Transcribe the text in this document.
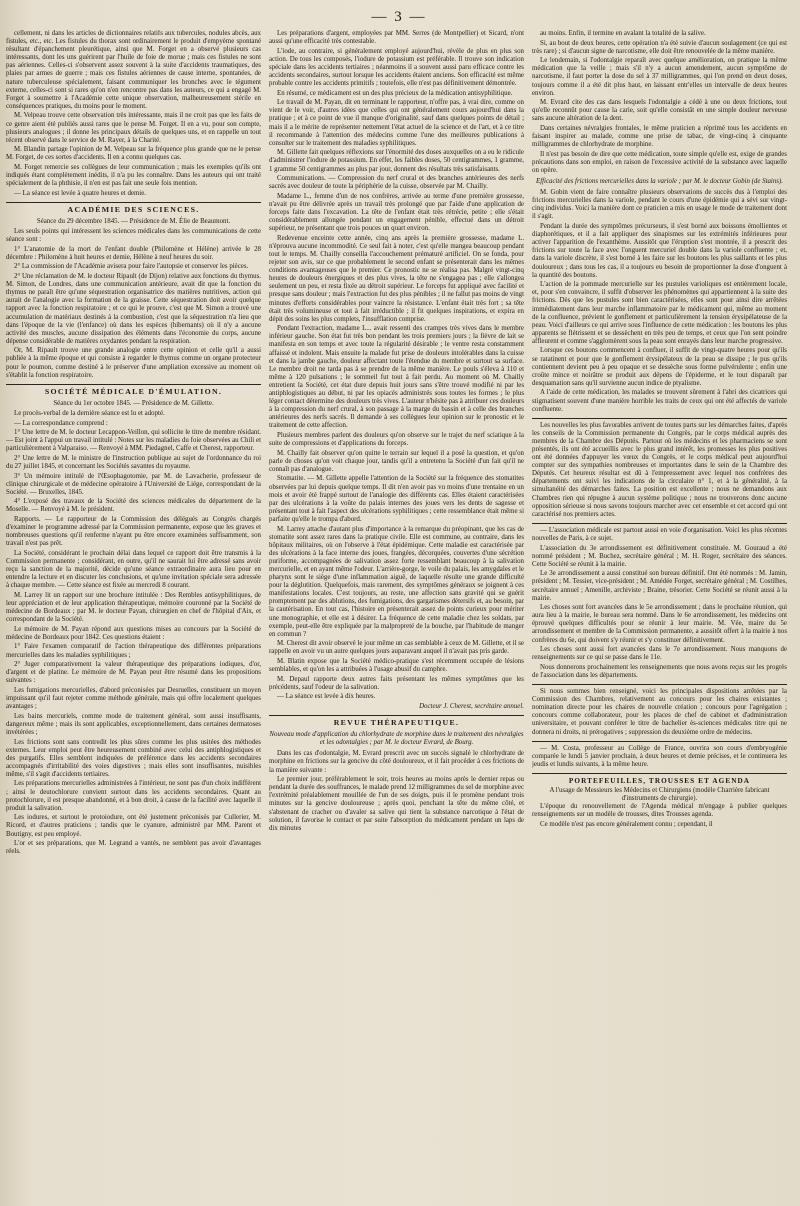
— 3 —

cellement, ni dans les articles de dictionnaires relatifs aux tubercules, nodules abcès, aux fistules, etc., etc. Les fistules du thorax sont ordinairement le produit d'empyème spontané résultant d'épanchement pleurétique, ainsi que M. Forget en a observé plusieurs cas intéressants, dont les uns guérirent par l'huile de foie de morue ; mais ces fistules ne sont pas aériennes. Celles-ci s'observent assez souvent à la suite d'accidents traumatiques, des plaies par armes de guerre ; mais ces fistules aériennes de cause interne, spontanées, de nature tuberculeuse spécialement, faisant communiquer les bronches avec le tégument externe, celles-ci sont si rares qu'on n'en rencontre pas dans les auteurs, ce qui a engagé M. Forget à soumettre à l'Académie cette unique observation, malheureusement stérile en conséquences pratiques, du moins pour le moment.

M. Velpeau trouve cette observation très intéressante, mais il ne croit pas que les faits de ce genre aient été publiés aussi rares que le pense M. Forget. Il en a vu, pour son compte, plusieurs analogues ; il donne les principaux détails de quelques uns, et en rappelle un tout récent observé dans le service de M. Rayer, à la Charité.

M. Blandin partage l'opinion de M. Velpeau sur la fréquence plus grande que ne le pense M. Forget, de ces sortes d'accidents. Il en a connu quelques cas.

M. Forget remercie ses collègues de leur communication ; mais les exemples qu'ils ont indiqués étant complètement inédits, il n'a pu les connaître. Dans les auteurs qui ont traité spécialement de la phthisie, il n'en est pas fait une seule fois mention.

— La séance est levée à quatre heures et demie.

ACADÉMIE DES SCIENCES.
Séance du 29 décembre 1845. — Présidence de M. Élie de Beaumont.

Les seuls points qui intéressent les sciences médicales dans les communications de cette séance sont :

1° L'anatomie de la mort de l'enfant double (Philomène et Hélène) arrivée le 28 décembre : Philomène à huit heures et demie, Hélène à neuf heures du soir.

2° La commission de l'Académie avisera pour faire l'autopsie et conserver les pièces.

2° Une réclamation de M. le docteur Ripault (de Dijon) relative aux fonctions du thymus. M. Simon, de Londres, dans une communication antérieure, avait dit que la fonction du thymus ne paraît être qu'une séquestration organisatrice des matières nutritives, action qui aurait de l'analogie avec la formation de la graisse. Cette séquestration doit avoir quelque rapport avec la fonction respiratoire ; et ce qui le prouve, c'est que M. Simon a trouvé une accumulation de matériaux destinés à la combustion, c'est que la séquestration n'a lieu que dans l'époque de la vie (l'enfance) où dans les espèces (hibernants) où il n'y a aucune activité des muscles, aucune dissipation des éléments dans l'économie du corps, aucune dépense considérable de matières oxydantes pendant la respiration.

Or, M. Ripault trouve une grande analogie entre cette opinion et celle qu'il a aussi publiée à la même époque et qui consiste à regarder le thymus comme un organe protecteur pour le poumon, comme destiné à le préserver d'une ampliation excessive au moment où s'établit la fonction respiratoire.

SOCIÉTÉ MÉDICALE D'ÉMULATION.
Séance du 1er octobre 1845. — Présidence de M. Gillette.

Le procès-verbal de la dernière séance est lu et adopté.

— La correspondance comprend :

1° Une lettre de M. le docteur Lecappon-Veillon, qui sollicite le titre de membre résidant. — Est joint à l'appui un travail intitulé : Notes sur les maladies du foie observées au Chili et particulièrement à Valparaiso. — Renvoyé à MM. Piedagnel, Caffe et Cherest, rapporteur.

2° Une lettre de M. le ministre de l'instruction publique au sujet de l'ordonnance du roi du 27 juillet 1845, et concernant les Sociétés savantes du royaume.

3° Un mémoire intitulé de l'Œsophagotomie, par M. de Lavacherie, professeur de clinique chirurgicale et de médecine opératoire à l'Université de Liége, correspondant de la Société. — Bruxelles, 1845.

4° L'exposé des travaux de la Société des sciences médicales du département de la Moselle. — Renvoyé à M. le président.

Rapports. — Le rapporteur de la Commission des délégués au Congrès chargés d'examiner le programme adressé par la Commission permanente, expose que les graves et nombreuses questions qu'il renferme n'ayant pu être encore examinées suffisamment, son travail n'est pas prêt.

La Société, considérant le prochain délai dans lequel ce rapport doit être transmis à la Commission permanente ; considérant, en outre, qu'il ne saurait lui être adressé sans avoir reçu la sanction de la majorité, décide qu'une séance extraordinaire aura lieu pour en entendre la lecture et en discuter les conclusions, et qu'une invitation spéciale sera adressée à chaque membre. — Cette séance est fixée au mercredi 8 courant.

M. Larrey lit un rapport sur une brochure intitulée : Des Rembles antisyphilitiques, de leur appréciation et de leur application thérapeutique, mémoire couronné par la Société de médecine de Bordeaux ; par M. le docteur Payan, chirurgien en chef de l'hôpital d'Aix, et correspondant de la Société.

Le mémoire de M. Payan répond aux questions mises au concours par la Société de médecine de Bordeaux pour 1842. Ces questions étaient :

1° Faire l'examen comparatif de l'action thérapeutique des différentes préparations mercurielles dans les maladies syphilitiques ;

2° Juger comparativement la valeur thérapeutique des préparations iodiques, d'or, d'argent et de platine. Le mémoire de M. Payan peut être résumé dans les propositions suivantes :

Les fumigations mercurielles, d'abord préconisées par Desruelles, constituent un moyen impuissant qu'il faut rejeter comme méthode générale, mais qui offre localement quelques avantages ;

Les bains mercuriels, comme mode de traitement général, sont aussi insuffisants, dangereux même ; mais ils sont applicables, exceptionnellement, dans certaines dermatoses invétérées ;

Les frictions sont sans contredit les plus sûres comme les plus usitées des méthodes externes. Leur emploi peut être heureusement combiné avec celui des antiphlogistiques et des purgatifs. Elles semblent indiquées de préférence dans les accidents secondaires accompagnés d'irritabilité des voies digestives ; mais elles sont insuffisantes, nuisibles même, s'il s'agit d'accidents tertiaires.

Les préparations mercurielles administrées à l'intérieur, ne sont pas d'un choix indifférent ; ainsi le deutochlorure convient surtout dans les accidents secondaires. Quant au protochlorure, il est presque abandonné, et à bon droit, à cause de la facilité avec laquelle il produit la salivation.

Les iodures, et surtout le protoiodure, ont été justement préconisés par Cullerier, M. Ricord, et d'autres praticiens ; tandis que le cyanure, administré par MM. Parent et Boutigny, est peu employé.

L'or et ses préparations, que M. Legrand a vantés, ne semblent pas avoir d'avantages réels.

Les préparations d'argent, employées par MM. Serres (de Montpellier) et Sicard, n'ont aussi qu'une efficacité très contestable.

L'iode, au contraire, si généralement employé aujourd'hui, révèle de plus en plus son action. De tous les composés, l'iodure de potassium est préférable. Il trouve son indication spéciale dans les accidents tertiaires ; néanmoins il a souvent aussi paru efficace contre les accidents secondaires, surtout lorsque les accidents étaient anciens. Son efficacité est même probable contre les accidents primitifs ; toutefois, elle n'est pas définitivement démontrée.

En résumé, ce médicament est un des plus précieux de la médication antisyphilitique.

Le travail de M. Payan, dit en terminant le rapporteur, n'offre pas, à vrai dire, comme on vient de le voir, d'autres idées que celles qui ont généralement cours aujourd'hui dans la pratique ; et à ce point de vue il manque d'originalité, sauf dans quelques points de détail ; mais il a le mérite de représenter nettement l'état actuel de la science et de l'art, et à ce titre il recommande à l'attention des médecins comme l'une des meilleures publications à consulter sur le traitement des maladies syphilitiques.

M. Gillette fait quelques réflexions sur l'énormité des doses auxquelles on a eu le ridicule d'administrer l'iodure de potassium. En effet, les faibles doses, 50 centigrammes, 1 gramme, 1 gramme 50 centigrammes au plus par jour, donnent des résultats très satisfaisants.

Communications. — Compression du nerf crural et des branches antérieures des nerfs sacrés avec douleur de toute la périphérie de la cuisse, observée par M. Chailly.

Madame L., femme d'un de nos confrères, arrivée au terme d'une première grossesse, n'avait pu être délivrée après un travail très prolongé que par l'aide d'une application de forceps faite dans l'excavation. La tête de l'enfant était très rétrécie, petite ; elle s'était considérablement allongée pendant un engagement pénible, effectué dans un détroit supérieur, ne présentant que trois pouces un quart environ.

Redevenue enceinte cette année, cinq ans après la première grossesse, madame L. n'éprouva aucune incommodité. Ce seul fait à noter, c'est qu'elle mangea beaucoup pendant tout le temps. M. Chailly conseilla l'accouchement prématuré artificiel. On se fonda, pour rejeter son avis, sur ce que probablement le second enfant se présenterait dans les mêmes conditions avantageuses que le premier. Ce pronostic ne se réalisa pas. Malgré vingt-cinq heures de douleurs énergiques et des plus vives, la tête ne s'engagea pas ; elle s'allongea seulement un peu, et resta fixée au détroit supérieur. Le forceps fut appliqué avec facilité et presque sans douleur ; mais l'extraction fut des plus pénibles ; il ne fallut pas moins de vingt minutes d'efforts considérables pour vaincre la résistance. L'enfant était très fort ; sa tête était très volumineuse et tout à fait irréductible ; il fit quelques inspirations, et expira en dépit des soins les plus complets, l'insufflation comprise.

Pendant l'extraction, madame L... avait ressenti des crampes très vives dans le membre inférieur gauche. Son état fut très bon pendant les trois premiers jours ; la fièvre de lait se manifesta en son temps et avec toute la régularité désirable ; le ventre resta constamment affaissé et indolent. Mais ensuite la malade fut prise de douleurs intolérables dans la cuisse et dans la jambe gauche, douleur affectant toute l'étendue du membre et surtout sa surface. Le membre droit ne tarda pas à se prendre de la même manière. Le pouls s'éleva à 110 et même à 120 pulsations ; le sommeil fut tout à fait perdu. Au moment où M. Chailly entretient la Société, cet état dure depuis huit jours sans s'être trouvé modifié ni par les antiphlogistiques au début, ni par les opiacés administrés sous toutes les formes ; le plus léger contact détermine des douleurs très vives. L'auteur n'hésite pas à attribuer ces douleurs à la compression du nerf crural, à son passage à la marge du bassin et à celle des branches antérieures des nerfs sacrés. Il demande à ses collègues leur opinion sur le pronostic et le traitement de cette affection.

Plusieurs membres parlent des douleurs qu'on observe sur le trajet du nerf sciatique à la suite de compressions et d'applications du forceps.

M. Chailly fait observer qu'on quitte le terrain sur lequel il a posé la question, et qu'on parle de choses qu'on voit chaque jour, tandis qu'il a entretenu la Société d'un fait qu'il ne connaît pas d'analogue.

Stomatite. — M. Gillette appelle l'attention de la Société sur la fréquence des stomatites observées par lui depuis quelque temps. Il dit n'en avoir pas vu moins d'une trentaine en un mois et avoir été frappé surtout de l'analogie des différents cas. Elles étaient caractérisées par des ulcérations à la voûte du palais internes des joues vers les dents de sagesse et présentant tout à fait l'aspect des ulcérations syphilitiques ; cette ressemblance était même si parfaite qu'elle le trompa d'abord.

M. Larrey attache d'autant plus d'importance à la remarque du préopinant, que les cas de stomatite sont assez rares dans la pratique civile. Elle est commune, au contraire, dans les hôpitaux militaires, où on l'observe à l'état épidémique. Cette maladie est caractérisée par des ulcérations à la face interne des joues, frangées, décorquées, couvertes d'une sécrétion puriforme, accompagnées de salivation assez forte ressemblant beaucoup à la salivation mercurielle, et en ayant même l'odeur. L'arrière-gorge, le voile du palais, les amygdales et le pharynx sont le siège d'une inflammation aiguë, de laquelle résulte une grande difficulté pour la déglutition. Quelquefois, mais rarement, des symptômes généraux se joignent à ces manifestations locales. C'est toujours, au reste, une affection sans gravité qui se guérit promptement par des ablutions, des fumigations, des gargarismes détersifs et, au besoin, par la cautérisation. En tout cas, l'histoire en présenterait assez de points curieux pour mériter une monographie, et elle est à désirer. La fréquence de cette maladie chez les soldats, par exemple, peut-elle être expliquée par la malpropreté de la bouche, par l'habitude de manger en commun ?

M. Cherest dit avoir observé le jour même un cas semblable à ceux de M. Gillette, et il se rappelle en avoir vu un autre quelques jours auparavant auquel il n'avait pas pris garde.

M. Blatin expose que la Société médico-pratique s'est récemment occupée de lésions semblables, et qu'on les a attribuées à l'usage abusif du camphre.

M. Depaul rapporte deux autres faits présentant les mêmes symptômes que les précédents, sauf l'odeur de la salivation.

— La séance est levée à dix heures.

Docteur J. Cherest, secrétaire annuel.
REVUE THÉRAPEUTIQUE.
Nouveau mode d'application du chlorhydrate de morphine dans le traitement des névralgies et les odontalgies ; par M. le docteur Evrard, de Bourg.

Dans les cas d'odontalgie, M. Evrard prescrit avec un succès signalé le chlorhydrate de morphine en frictions sur la gencive du côté douloureux, et il fait procéder à ces frictions de la manière suivante :

Le premier jour, préférablement le soir, trois heures au moins après le dernier repas ou pendant la durée des souffrances, le malade prend 12 milligrammes du sel de morphine avec l'extrémité préalablement mouillée de l'un de ses doigts, puis il le promène pendant trois minutes sur la gencive douloureuse ; après quoi, penchant la tête du même côté, et s'abstenant de cracher ou d'avaler sa salive qui tient la substance narcotique à l'état de solution, il favorise le contact et par suite l'absorption du médicament pendant un laps de dix minutes

au moins. Enfin, il termine en avalant la totalité de la salive.

Si, au bout de deux heures, cette opération n'a été suivie d'aucun soulagement (ce qui est très rare) ; si d'aucun signe de narcotisme, elle doit être renouvelée de la même manière.

Le lendemain, si l'odontalgie reparaît avec quelque amélioration, on pratique la même médication que la veille ; mais s'il n'y a aucun amendement, aucun symptôme de narcotisme, il faut porter la dose du sel à 37 milligrammes, qui l'on prend en deux doses, toujours comme il a été dit plus haut, en laissant entr'elles un intervalle de deux heures environ.

M. Evrard cite des cas dans lesquels l'odontalgie a cédé à une ou deux frictions, tout qu'elle reconnût pour cause la carie, soit qu'elle consistât en une simple douleur nerveuse sans aucune altération de la dent.

Dans certaines névralgies frontales, le même praticien a réprimé tous les accidents en faisant inspirer au malade, comme une prise de tabac, de vingt-cinq à cinquante milligrammes de chlorhydrate de morphine.

Il n'est pas besoin de dire que cette médication, toute simple qu'elle est, exige de grandes précautions dans son emploi, en raison de l'excessive activité de la substance avec laquelle on opère.

Efficacité des frictions mercurielles dans la variole ; par M. le docteur Gobin (de Stains).

M. Gobin vient de faire connaître plusieurs observations de succès dus à l'emploi des frictions mercurielles dans la variole, pendant le cours d'une épidémie qui a sévi sur vingt-cinq individus. Voici la manière dont ce praticien a mis en usage le mode de traitement dont il s'agit.

Pendant la durée des symptômes précurseurs, il s'est borné aux boissons émollientes et diaphorétiques, et il a fait appliquer des sinapismes sur les extrémités inférieures pour activer l'apparition de l'exanthème. Aussitôt que l'éruption s'est montrée, il a prescrit des frictions sur toute la face avec l'onguent mercuriel double dans la variole confluente ; et, dans la variole discrète, il s'est borné à les faire sur les boutons les plus saillants et les plus douloureux ; dans tous les cas, il a toujours eu besoin de proportionner la dose d'onguent à la quantité des boutons.

L'action de la pommade mercurielle sur les pustules varioliques est entièrement locale, et, pour s'en convaincre, il suffit d'observer les phénomènes qui appartiennent à la suite des frictions. Dès que les pustules sont bien caractérisées, elles sont pour ainsi dire arrêtées immédiatement dans leur marche inflammatoire par le médicament qui, même au moment de la confluence, prévient le gonflement et particulièrement la tension érysipélateuse de la peau. Voici d'ailleurs ce qui arrive sous l'influence de cette médication : les boutons les plus apparents se flétrissent et se dessèchent en très peu de temps, et ceux que l'on sent poindre affleurent et comme s'agglomèrent sous la peau sont enrayés dans leur marche progressive.

Lorsque ces boutons commencent à confluer, il suffit de vingt-quatre heures pour qu'ils se ratatinent et pour que le gonflement érysipélateux de la peau se dissipe ; le pus qu'ils contiennent devient peu à peu opaque et se dessèche sous forme pulvérulente ; enfin une croûte mince et noirâtre se produit aux dépens de l'épiderme, et le tout disparaît par desquamation sans qu'il survienne aucun indice de ptyalisme.

A l'aide de cette médication, les malades se trouvent sûrement à l'abri des cicatrices qui stigmatisent souvent d'une manière horrible les traits de ceux qui ont été affectés de variole confluente.

Les nouvelles les plus favorables arrivent de toutes parts sur les démarches faites, d'après les conseils de la Commission permanente du Congrès, par le corps médical auprès des membres de la Chambre des Députés. Partout où les médecins et les pharmaciens se sont présentés, ils ont été accueillis avec le plus grand intérêt, les promesses les plus positives ont été données d'appuyer les vœux du Congrès, et le corps médical peut aujourd'hui compter sur des sympathies nombreuses et importantes dans le sein de la Chambre des Députés. Cet heureux résultat est dû à l'empressement avec lequel nos confrères des départements ont suivi les indications de la circulaire n° 1, et à la généralité, à la simultanéité des démarches faites. La position est excellente ; nous ne demandons aux Chambres rien qui répugne à aucun système politique ; nous ne trouverons donc aucune opposition sérieuse si nous savons toujours marcher avec cet ensemble et cet accord qui ont caractérisé nos premiers actes.

— L'association médicale est partout aussi en voie d'organisation. Voici les plus récentes nouvelles de Paris, à ce sujet.

L'association du 3e arrondissement est définitivement constituée. M. Gouraud a été nommé président ; M. Buchez, secrétaire général ; M. H. Roger, secrétaire des séances. Cette Société se réunit à la mairie.

Le 3e arrondissement a aussi constitué son bureau définitif. Ont été nommés : M. Jamin, président ; M. Tessier, vice-président ; M. Amédée Forget, secrétaire général ; M. Costilhes, secrétaire annuel ; Amenille, archiviste ; Braine, trésorier. Cette Société se réunit aussi à la mairie.

Les choses sont fort avancées dans le 5e arrondissement ; dans le prochaine réunion, qui aura lieu à la mairie, le bureau sera nommé. Dans le 6e arrondissement, les médecins ont éprouvé quelques difficultés pour se réunir à leur mairie. M. Vée, maire du 5e arrondissement et membre de la Commission permanente, a aussitôt offert à la mairie à nos confrères du 6e, qui doivent s'y réunir et s'y constituer définitivement.

Les choses sont aussi fort avancées dans le 7e arrondissement. Nous manquons de renseignements sur ce qui se passe dans le 11e.

Nous donnerons prochainement les renseignements que nous avons reçus sur les progrès de l'association dans les départements.

Si nous sommes bien renseigné, voici les principales dispositions arrêtées par la Commission des Chambres, relativement au concours pour les chaires existantes ; nomination directe pour les chaires de nouvelle création ; concours pour l'agrégation ; concours comme collaborateur, pour les places de chef de cabinet et d'administration universitaire, et pouvant conférer le titre de bachelier ès-sciences médicales titre qui ne donnera ni droits, ni prérogatives ; suppression du deuxième ordre de médecins.

— M. Costa, professeur au Collège de France, ouvrira son cours d'embryogénie comparée le lundi 5 janvier prochain, à deux heures et demie précises, et le continuera les jeudis et lundis suivants, à la même heure.

PORTEFEUILLES, TROUSSES ET AGENDA
A l'usage de Messieurs les Médecins et Chirurgiens (modèle Charrière fabricant d'instruments de chirurgie).

L'époque du renouvellement de l'Agenda médical m'engage à publier quelques renseignements sur un modèle de trousses, dites Trousses agenda.

Ce modèle n'est pas encore généralement connu ; cependant, il
